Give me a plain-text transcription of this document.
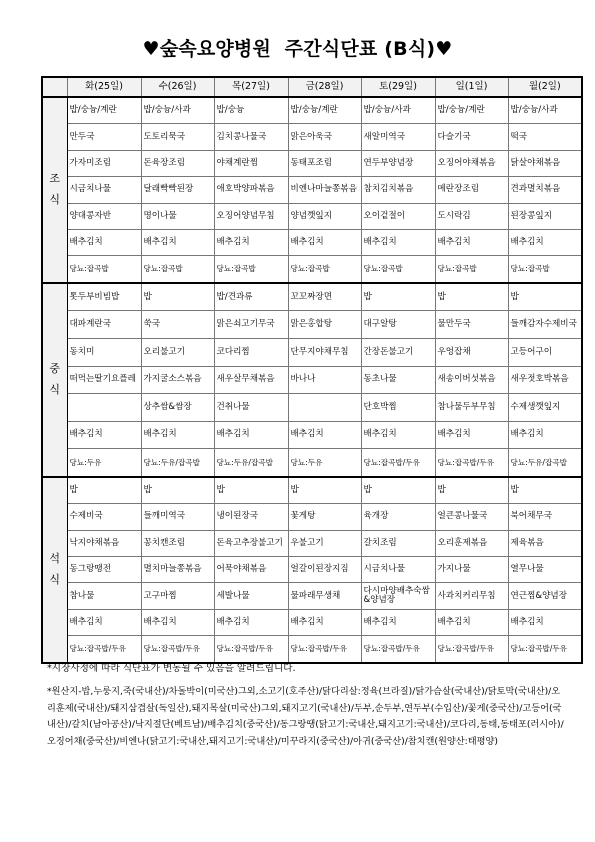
♥숲속요양병원  주간식단표 (B식)♥
	화(25일)	수(26일)	목(27일)	금(28일)	토(29일)	일(1일)	월(2일)
조
식	밥/숭늉/계란	밥/숭늉/사과	밥/숭늉	밥/숭늉/계란	밥/숭늉/사과	밥/숭늉/계란	밥/숭늉/사과
	만두국	도토리묵국	김치콩나물국	맑은아욱국	새알미역국	다슬기국	떡국
	가자미조림	돈육장조림	야채계란찜	동태포조림	연두부양념장	오징어야채볶음	닭살야채볶음
	시금치나물	달래빡빡된장	애호박양파볶음	비엔나마늘쫑볶음	참치김치볶음	메란장조림	견과멸치볶음
	양대콩자반	명이나물	오징어양념무침	양념깻잎지	오이겉절이	도시락김	된장콩잎지
	배추김치	배추김치	배추김치	배추김치	배추김치	배추김치	배추김치
	당뇨:잡곡밥	당뇨:잡곡밥	당뇨:잡곡밥	당뇨:잡곡밥	당뇨:잡곡밥	당뇨:잡곡밥	당뇨:잡곡밥
중
식	톳두부비빔밥	밥	밥/견과류	꼬꼬짜장면	밥	밥	밥
	대파계란국	쑥국	맑은쇠고기무국	맑은홍합탕	대구알탕	물만두국	들깨감자수제비국
	동치미	오리불고기	코다리찜	단무지야채무침	간장돈불고기	우엉잡채	고등어구이
	떠먹는딸기요플레	가지굴소스볶음	새우살무채볶음	바나나	동초나물	새송이버섯볶음	새우젓호박볶음
		상추쌈&쌈장	건취나물		단호박찜	참나물두부무침	수제생깻잎지
	배추김치	배추김치	배추김치	배추김치	배추김치	배추김치	배추김치
	당뇨:두유	당뇨:두유/잡곡밥	당뇨:두유/잡곡밥	당뇨:두유	당뇨:잡곡밥/두유	당뇨:잡곡밥/두유	당뇨:두유/잡곡밥
석
식	밥	밥	밥	밥	밥	밥	밥
	수제비국	들깨미역국	냉이된장국	꽃게탕	육개장	얼큰콩나물국	북어채무국
	낙지야채볶음	꽁치캔조림	돈육고추장불고기	우불고기	갈치조림	오리훈제볶음	제육볶음
	동그랑땡전	멸치마늘쫑볶음	어묵야채볶음	얼갈이된장지짐	시금치나물	가지나물	열무나물
	참나물	고구마찜	세발나물	물파래무생채	다시마양배추숙쌈&양념장	사과치커리무침	연근찜&양념장
	배추김치	배추김치	배추김치	배추김치	배추김치	배추김치	배추김치
	당뇨:잡곡밥/두유	당뇨:잡곡밥/두유	당뇨:잡곡밥/두유	당뇨:잡곡밥/두유	당뇨:잡곡밥/두유	당뇨:잡곡밥/두유	당뇨:잡곡밥/두유
*시장사정에 따라 식단표가 변동될 수 있음을 알려드립니다.
*원산지-밥,누룽지,죽(국내산)/차돌박이(미국산)그외,소고기(호주산)/닭다리살:정육(브라질)/닭가슴살(국내산)/닭토막(국내산)/오리훈제(국내산)/돼지삼겹살(독일산),돼지목살(미국산)그외,돼지고기(국내산)/두부,순두부,연두부(수입산)/꽃게(중국산)/고등어(국내산)/갈치(남아공산)/낙지절단(베트남)/배추김치(중국산)/동그랑땡(닭고기:국내산,돼지고기:국내산)/코다리,동태,동태포(러시아)/오징어채(중국산)/비엔나(닭고기:국내산,돼지고기:국내산)/미꾸라지(중국산)/아귀(중국산)/참치캔(원양산:태평양)
